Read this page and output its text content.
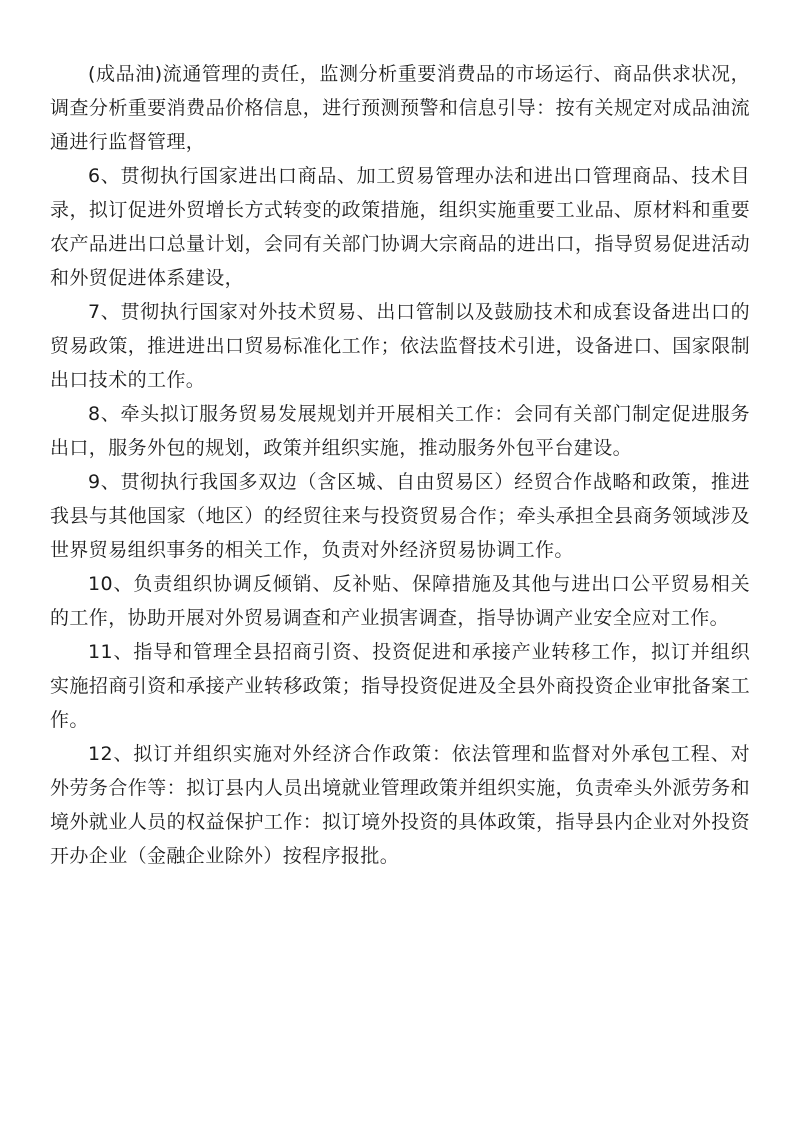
(成品油)流通管理的责任，监测分析重要消费品的市场运行、商品供求状况，调查分析重要消费品价格信息，进行预测预警和信息引导：按有关规定对成品油流通进行监督管理，

6、贯彻执行国家进出口商品、加工贸易管理办法和进出口管理商品、技术目录，拟订促进外贸增长方式转变的政策措施，组织实施重要工业品、原材料和重要农产品进出口总量计划，会同有关部门协调大宗商品的进出口，指导贸易促进活动和外贸促进体系建设，

7、贯彻执行国家对外技术贸易、出口管制以及鼓励技术和成套设备进出口的贸易政策，推进进出口贸易标准化工作；依法监督技术引进，设备进口、国家限制出口技术的工作。

8、牵头拟订服务贸易发展规划并开展相关工作：会同有关部门制定促进服务出口，服务外包的规划，政策并组织实施，推动服务外包平台建设。

9、贯彻执行我国多双边（含区城、自由贸易区）经贸合作战略和政策，推进我县与其他国家（地区）的经贸往来与投资贸易合作；牵头承担全县商务领域涉及世界贸易组织事务的相关工作，负责对外经济贸易协调工作。

10、负责组织协调反倾销、反补贴、保障措施及其他与进出口公平贸易相关的工作，协助开展对外贸易调查和产业损害调查，指导协调产业安全应对工作。

11、指导和管理全县招商引资、投资促进和承接产业转移工作，拟订并组织实施招商引资和承接产业转移政策；指导投资促进及全县外商投资企业审批备案工作。

12、拟订并组织实施对外经济合作政策：依法管理和监督对外承包工程、对外劳务合作等：拟订县内人员出境就业管理政策并组织实施，负责牵头外派劳务和境外就业人员的权益保护工作：拟订境外投资的具体政策，指导县内企业对外投资开办企业（金融企业除外）按程序报批。
